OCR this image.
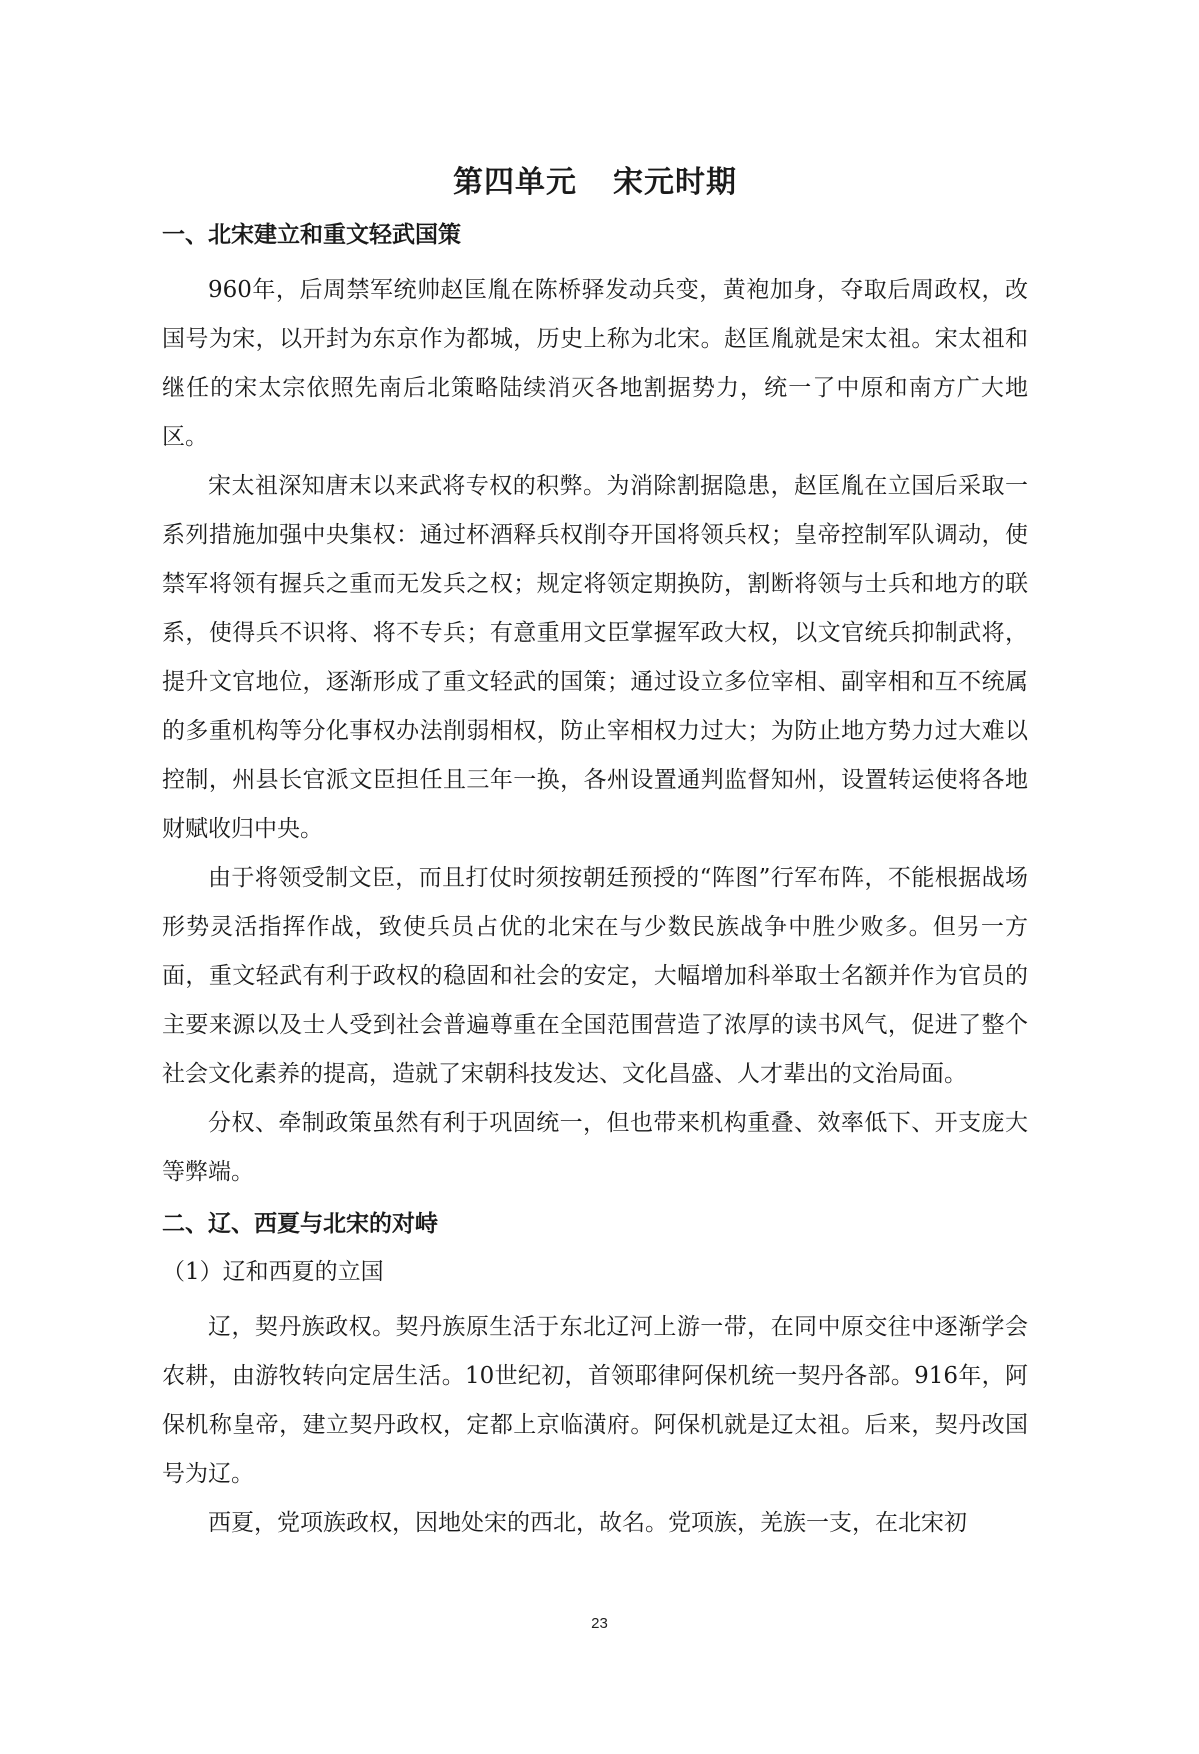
第四单元 宋元时期
一、北宋建立和重文轻武国策

960年，后周禁军统帅赵匡胤在陈桥驿发动兵变，黄袍加身，夺取后周政权，改国号为宋，以开封为东京作为都城，历史上称为北宋。赵匡胤就是宋太祖。宋太祖和继任的宋太宗依照先南后北策略陆续消灭各地割据势力，统一了中原和南方广大地区。

宋太祖深知唐末以来武将专权的积弊。为消除割据隐患，赵匡胤在立国后采取一系列措施加强中央集权：通过杯酒释兵权削夺开国将领兵权；皇帝控制军队调动，使禁军将领有握兵之重而无发兵之权；规定将领定期换防，割断将领与士兵和地方的联系，使得兵不识将、将不专兵；有意重用文臣掌握军政大权，以文官统兵抑制武将，提升文官地位，逐渐形成了重文轻武的国策；通过设立多位宰相、副宰相和互不统属的多重机构等分化事权办法削弱相权，防止宰相权力过大；为防止地方势力过大难以控制，州县长官派文臣担任且三年一换，各州设置通判监督知州，设置转运使将各地财赋收归中央。

由于将领受制文臣，而且打仗时须按朝廷预授的“阵图”行军布阵，不能根据战场形势灵活指挥作战，致使兵员占优的北宋在与少数民族战争中胜少败多。但另一方面，重文轻武有利于政权的稳固和社会的安定，大幅增加科举取士名额并作为官员的主要来源以及士人受到社会普遍尊重在全国范围营造了浓厚的读书风气，促进了整个社会文化素养的提高，造就了宋朝科技发达、文化昌盛、人才辈出的文治局面。

分权、牵制政策虽然有利于巩固统一，但也带来机构重叠、效率低下、开支庞大等弊端。

二、辽、西夏与北宋的对峙
（1）辽和西夏的立国

辽，契丹族政权。契丹族原生活于东北辽河上游一带，在同中原交往中逐渐学会农耕，由游牧转向定居生活。10世纪初，首领耶律阿保机统一契丹各部。916年，阿保机称皇帝，建立契丹政权，定都上京临潢府。阿保机就是辽太祖。后来，契丹改国号为辽。

西夏，党项族政权，因地处宋的西北，故名。党项族，羌族一支，在北宋初

23
